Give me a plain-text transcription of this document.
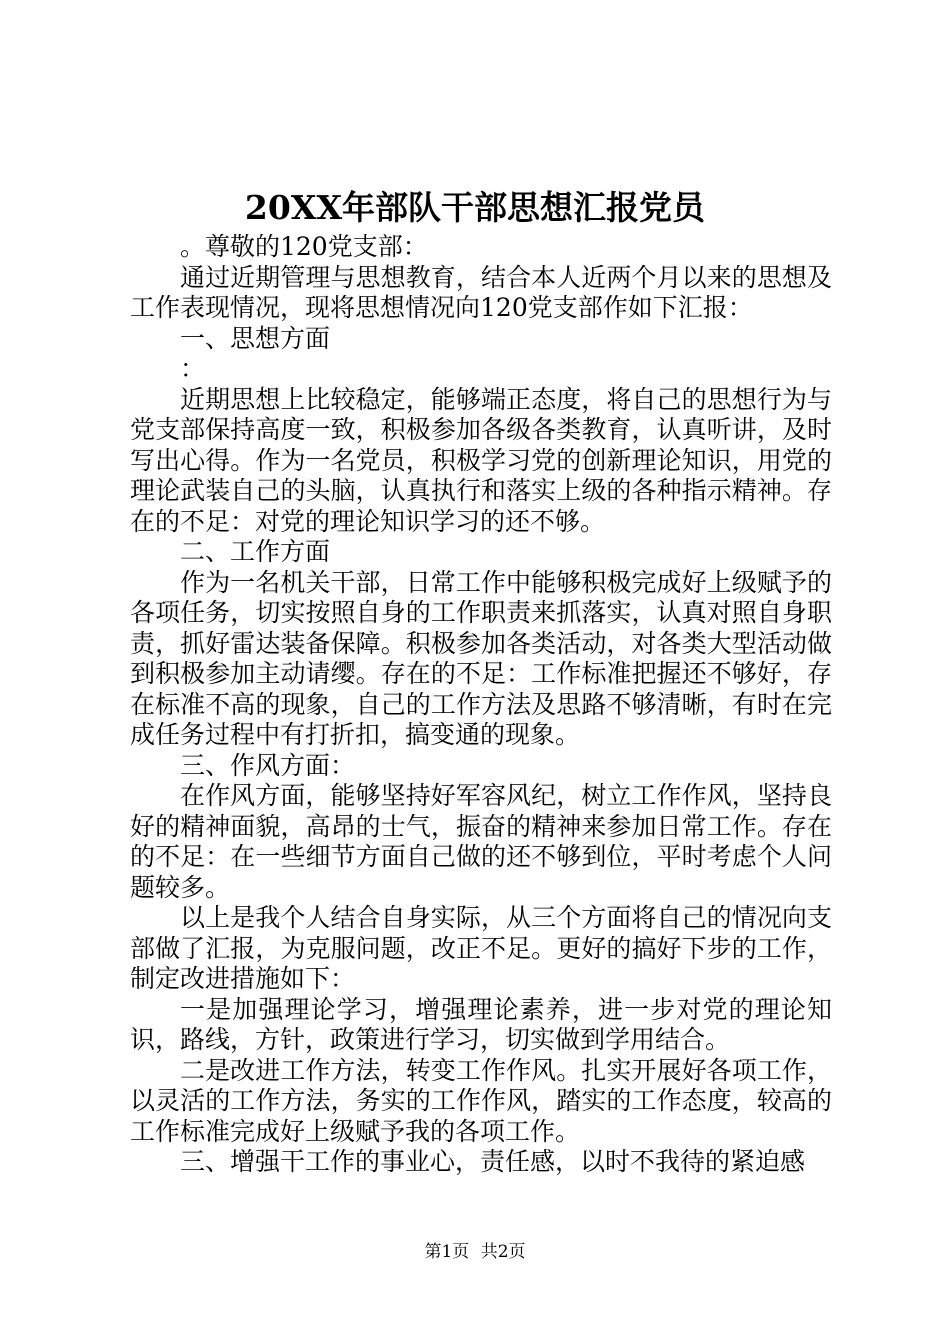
20XX年部队干部思想汇报党员

。尊敬的120党支部：

通过近期管理与思想教育，结合本人近两个月以来的思想及工作表现情况，现将思想情况向120党支部作如下汇报：

一、思想方面

：

近期思想上比较稳定，能够端正态度，将自己的思想行为与党支部保持高度一致，积极参加各级各类教育，认真听讲，及时写出心得。作为一名党员，积极学习党的创新理论知识，用党的理论武装自己的头脑，认真执行和落实上级的各种指示精神。存在的不足：对党的理论知识学习的还不够。

二、工作方面

作为一名机关干部，日常工作中能够积极完成好上级赋予的各项任务，切实按照自身的工作职责来抓落实，认真对照自身职责，抓好雷达装备保障。积极参加各类活动，对各类大型活动做到积极参加主动请缨。存在的不足：工作标准把握还不够好，存在标准不高的现象，自己的工作方法及思路不够清晰，有时在完成任务过程中有打折扣，搞变通的现象。

三、作风方面：

在作风方面，能够坚持好军容风纪，树立工作作风，坚持良好的精神面貌，高昂的士气，振奋的精神来参加日常工作。存在的不足：在一些细节方面自己做的还不够到位，平时考虑个人问题较多。

以上是我个人结合自身实际，从三个方面将自己的情况向支部做了汇报，为克服问题，改正不足。更好的搞好下步的工作，制定改进措施如下：

一是加强理论学习，增强理论素养，进一步对党的理论知识，路线，方针，政策进行学习，切实做到学用结合。

二是改进工作方法，转变工作作风。扎实开展好各项工作，以灵活的工作方法，务实的工作作风，踏实的工作态度，较高的工作标准完成好上级赋予我的各项工作。

三、增强干工作的事业心，责任感，以时不我待的紧迫感

第1页 共2页
